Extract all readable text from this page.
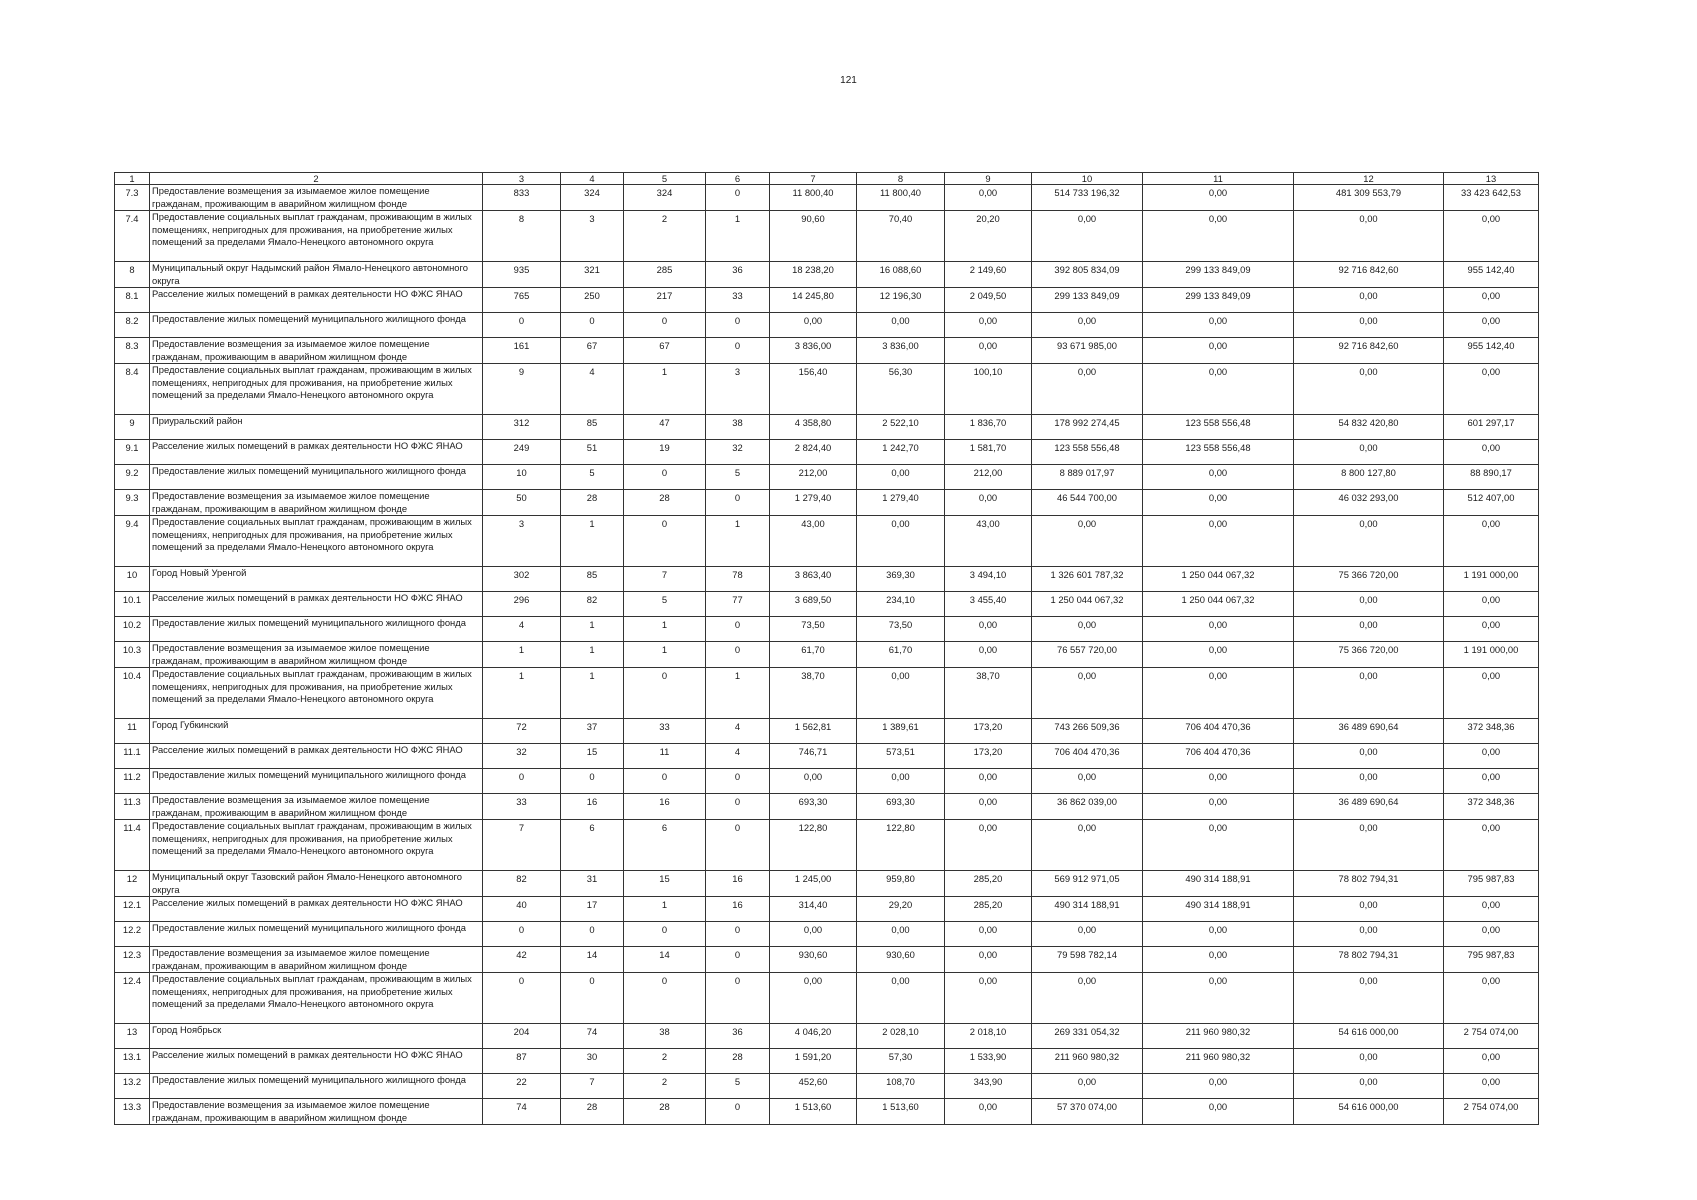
121
1	2	3	4	5	6	7	8	9	10	11	12	13
7.3	Предоставление возмещения за изымаемое жилое помещение гражданам, проживающим в аварийном жилищном фонде	833	324	324	0	11 800,40	11 800,40	0,00	514 733 196,32	0,00	481 309 553,79	33 423 642,53
7.4	Предоставление социальных выплат гражданам, проживающим в жилых помещениях, непригодных для проживания, на приобретение жилых помещений за пределами Ямало-Ненецкого автономного округа	8	3	2	1	90,60	70,40	20,20	0,00	0,00	0,00	0,00
8	Муниципальный округ Надымский район Ямало-Ненецкого автономного округа	935	321	285	36	18 238,20	16 088,60	2 149,60	392 805 834,09	299 133 849,09	92 716 842,60	955 142,40
8.1	Расселение жилых помещений в рамках деятельности НО ФЖС ЯНАО	765	250	217	33	14 245,80	12 196,30	2 049,50	299 133 849,09	299 133 849,09	0,00	0,00
8.2	Предоставление жилых помещений муниципального жилищного фонда	0	0	0	0	0,00	0,00	0,00	0,00	0,00	0,00	0,00
8.3	Предоставление возмещения за изымаемое жилое помещение гражданам, проживающим в аварийном жилищном фонде	161	67	67	0	3 836,00	3 836,00	0,00	93 671 985,00	0,00	92 716 842,60	955 142,40
8.4	Предоставление социальных выплат гражданам, проживающим в жилых помещениях, непригодных для проживания, на приобретение жилых помещений за пределами Ямало-Ненецкого автономного округа	9	4	1	3	156,40	56,30	100,10	0,00	0,00	0,00	0,00
9	Приуральский район	312	85	47	38	4 358,80	2 522,10	1 836,70	178 992 274,45	123 558 556,48	54 832 420,80	601 297,17
9.1	Расселение жилых помещений в рамках деятельности НО ФЖС ЯНАО	249	51	19	32	2 824,40	1 242,70	1 581,70	123 558 556,48	123 558 556,48	0,00	0,00
9.2	Предоставление жилых помещений муниципального жилищного фонда	10	5	0	5	212,00	0,00	212,00	8 889 017,97	0,00	8 800 127,80	88 890,17
9.3	Предоставление возмещения за изымаемое жилое помещение гражданам, проживающим в аварийном жилищном фонде	50	28	28	0	1 279,40	1 279,40	0,00	46 544 700,00	0,00	46 032 293,00	512 407,00
9.4	Предоставление социальных выплат гражданам, проживающим в жилых помещениях, непригодных для проживания, на приобретение жилых помещений за пределами Ямало-Ненецкого автономного округа	3	1	0	1	43,00	0,00	43,00	0,00	0,00	0,00	0,00
10	Город Новый Уренгой	302	85	7	78	3 863,40	369,30	3 494,10	1 326 601 787,32	1 250 044 067,32	75 366 720,00	1 191 000,00
10.1	Расселение жилых помещений в рамках деятельности НО ФЖС ЯНАО	296	82	5	77	3 689,50	234,10	3 455,40	1 250 044 067,32	1 250 044 067,32	0,00	0,00
10.2	Предоставление жилых помещений муниципального жилищного фонда	4	1	1	0	73,50	73,50	0,00	0,00	0,00	0,00	0,00
10.3	Предоставление возмещения за изымаемое жилое помещение гражданам, проживающим в аварийном жилищном фонде	1	1	1	0	61,70	61,70	0,00	76 557 720,00	0,00	75 366 720,00	1 191 000,00
10.4	Предоставление социальных выплат гражданам, проживающим в жилых помещениях, непригодных для проживания, на приобретение жилых помещений за пределами Ямало-Ненецкого автономного округа	1	1	0	1	38,70	0,00	38,70	0,00	0,00	0,00	0,00
11	Город Губкинский	72	37	33	4	1 562,81	1 389,61	173,20	743 266 509,36	706 404 470,36	36 489 690,64	372 348,36
11.1	Расселение жилых помещений в рамках деятельности НО ФЖС ЯНАО	32	15	11	4	746,71	573,51	173,20	706 404 470,36	706 404 470,36	0,00	0,00
11.2	Предоставление жилых помещений муниципального жилищного фонда	0	0	0	0	0,00	0,00	0,00	0,00	0,00	0,00	0,00
11.3	Предоставление возмещения за изымаемое жилое помещение гражданам, проживающим в аварийном жилищном фонде	33	16	16	0	693,30	693,30	0,00	36 862 039,00	0,00	36 489 690,64	372 348,36
11.4	Предоставление социальных выплат гражданам, проживающим в жилых помещениях, непригодных для проживания, на приобретение жилых помещений за пределами Ямало-Ненецкого автономного округа	7	6	6	0	122,80	122,80	0,00	0,00	0,00	0,00	0,00
12	Муниципальный округ Тазовский район Ямало-Ненецкого автономного округа	82	31	15	16	1 245,00	959,80	285,20	569 912 971,05	490 314 188,91	78 802 794,31	795 987,83
12.1	Расселение жилых помещений в рамках деятельности НО ФЖС ЯНАО	40	17	1	16	314,40	29,20	285,20	490 314 188,91	490 314 188,91	0,00	0,00
12.2	Предоставление жилых помещений муниципального жилищного фонда	0	0	0	0	0,00	0,00	0,00	0,00	0,00	0,00	0,00
12.3	Предоставление возмещения за изымаемое жилое помещение гражданам, проживающим в аварийном жилищном фонде	42	14	14	0	930,60	930,60	0,00	79 598 782,14	0,00	78 802 794,31	795 987,83
12.4	Предоставление социальных выплат гражданам, проживающим в жилых помещениях, непригодных для проживания, на приобретение жилых помещений за пределами Ямало-Ненецкого автономного округа	0	0	0	0	0,00	0,00	0,00	0,00	0,00	0,00	0,00
13	Город Ноябрьск	204	74	38	36	4 046,20	2 028,10	2 018,10	269 331 054,32	211 960 980,32	54 616 000,00	2 754 074,00
13.1	Расселение жилых помещений в рамках деятельности НО ФЖС ЯНАО	87	30	2	28	1 591,20	57,30	1 533,90	211 960 980,32	211 960 980,32	0,00	0,00
13.2	Предоставление жилых помещений муниципального жилищного фонда	22	7	2	5	452,60	108,70	343,90	0,00	0,00	0,00	0,00
13.3	Предоставление возмещения за изымаемое жилое помещение гражданам, проживающим в аварийном жилищном фонде	74	28	28	0	1 513,60	1 513,60	0,00	57 370 074,00	0,00	54 616 000,00	2 754 074,00
